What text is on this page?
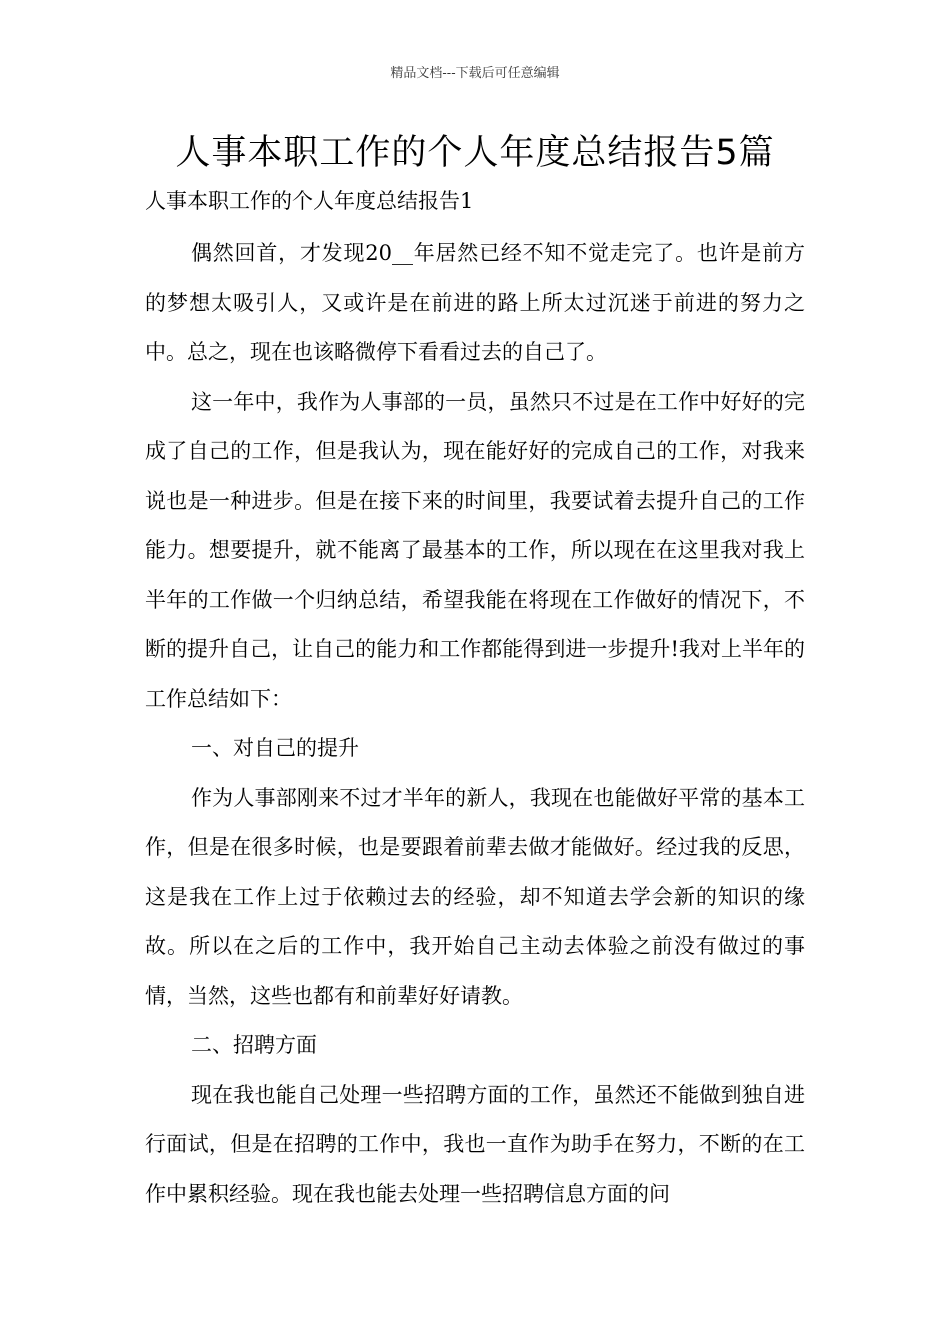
精品文档---下载后可任意编辑
人事本职工作的个人年度总结报告5篇
人事本职工作的个人年度总结报告1

偶然回首，才发现20__年居然已经不知不觉走完了。也许是前方的梦想太吸引人，又或许是在前进的路上所太过沉迷于前进的努力之中。总之，现在也该略微停下看看过去的自己了。

这一年中，我作为人事部的一员，虽然只不过是在工作中好好的完成了自己的工作，但是我认为，现在能好好的完成自己的工作，对我来说也是一种进步。但是在接下来的时间里，我要试着去提升自己的工作能力。想要提升，就不能离了最基本的工作，所以现在在这里我对我上半年的工作做一个归纳总结，希望我能在将现在工作做好的情况下，不断的提升自己，让自己的能力和工作都能得到进一步提升!我对上半年的工作总结如下：

一、对自己的提升

作为人事部刚来不过才半年的新人，我现在也能做好平常的基本工作，但是在很多时候，也是要跟着前辈去做才能做好。经过我的反思，这是我在工作上过于依赖过去的经验，却不知道去学会新的知识的缘故。所以在之后的工作中，我开始自己主动去体验之前没有做过的事情，当然，这些也都有和前辈好好请教。

二、招聘方面

现在我也能自己处理一些招聘方面的工作，虽然还不能做到独自进行面试，但是在招聘的工作中，我也一直作为助手在努力，不断的在工作中累积经验。现在我也能去处理一些招聘信息方面的问
